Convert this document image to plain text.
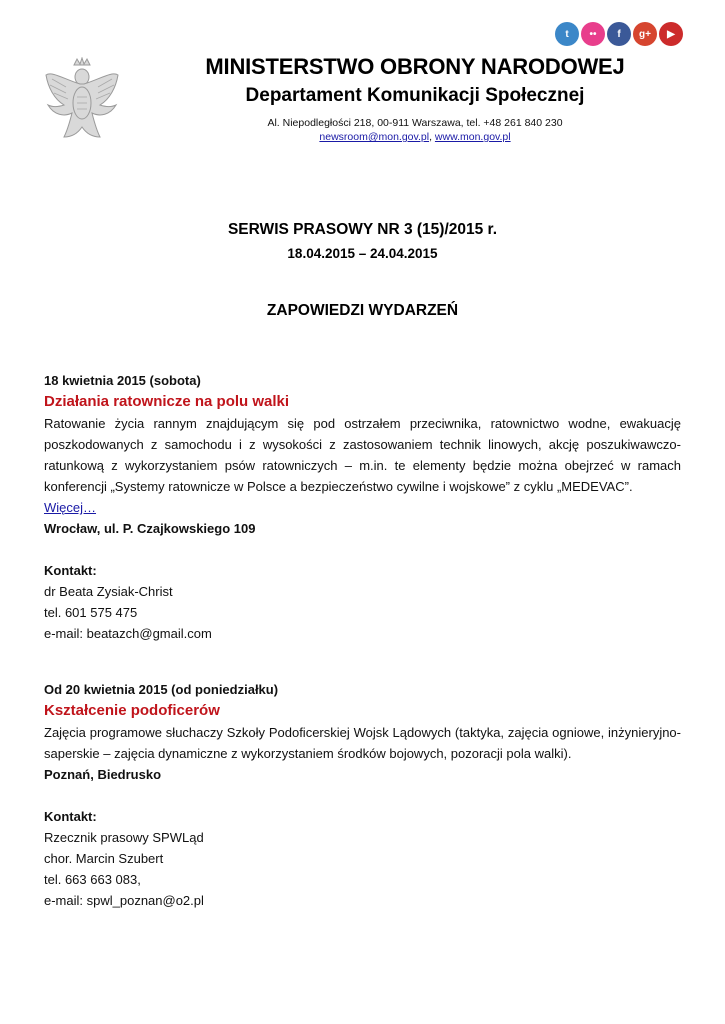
t	••	f	g+	▶
MINISTERSTWO OBRONY NARODOWEJ
Departament Komunikacji Społecznej
Al. Niepodległości 218, 00-911 Warszawa, tel. +48 261 840 230
newsroom@mon.gov.pl, www.mon.gov.pl
SERWIS PRASOWY NR 3 (15)/2015 r.
18.04.2015 – 24.04.2015
ZAPOWIEDZI WYDARZEŃ
18 kwietnia 2015 (sobota)
Działania ratownicze na polu walki
Ratowanie życia rannym znajdującym się pod ostrzałem przeciwnika, ratownictwo wodne, ewakuację poszkodowanych z samochodu i z wysokości z zastosowaniem technik linowych, akcję poszukiwawczo-ratunkową z wykorzystaniem psów ratowniczych – m.in. te elementy będzie można obejrzeć w ramach konferencji „Systemy ratownicze w Polsce a bezpieczeństwo cywilne i wojskowe” z cyklu „MEDEVAC”.
Więcej…
Wrocław, ul. P. Czajkowskiego 109
Kontakt:
dr Beata Zysiak-Christ
tel. 601 575 475
e-mail: beatazch@gmail.com
Od 20 kwietnia 2015 (od poniedziałku)
Kształcenie podoficerów
Zajęcia programowe słuchaczy Szkoły Podoficerskiej Wojsk Lądowych (taktyka, zajęcia ogniowe, inżynieryjno-saperskie – zajęcia dynamiczne z wykorzystaniem środków bojowych, pozoracji pola walki).
Poznań, Biedrusko
Kontakt:
Rzecznik prasowy SPWLąd
chor. Marcin Szubert
tel. 663 663 083,
e-mail: spwl_poznan@o2.pl
